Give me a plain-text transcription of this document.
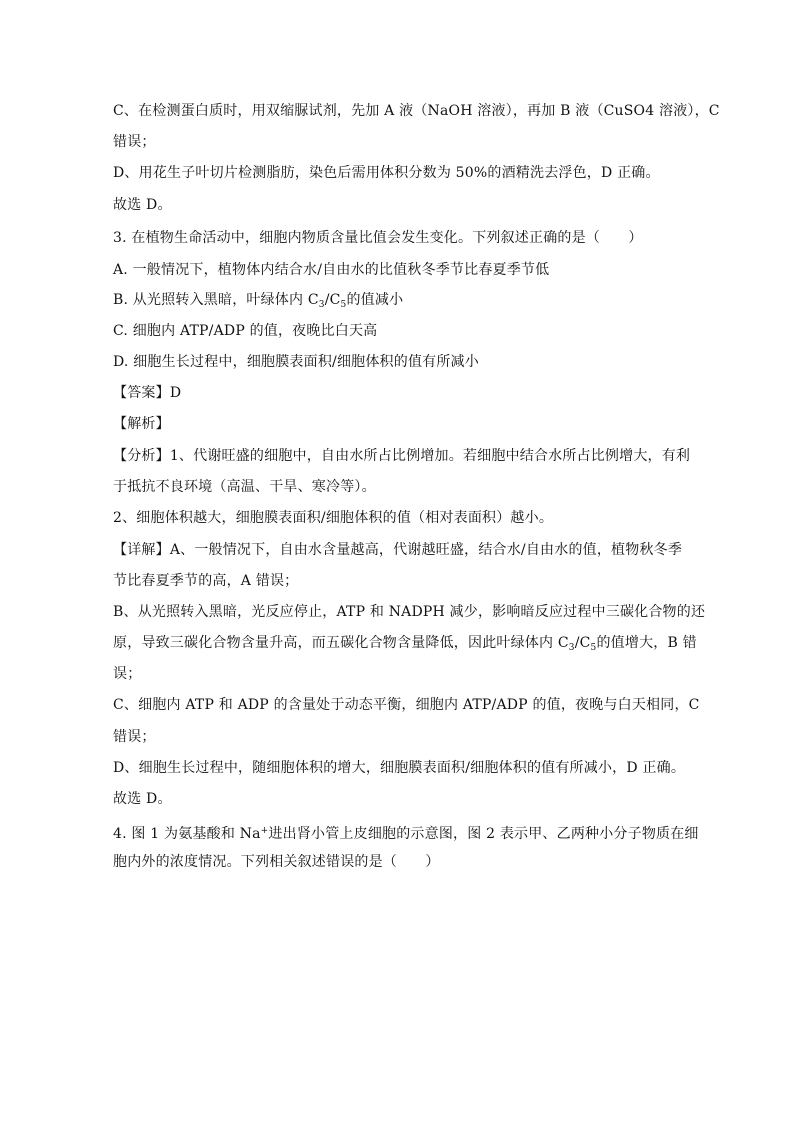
C、在检测蛋白质时，用双缩脲试剂，先加 A 液（NaOH 溶液），再加 B 液（CuSO4 溶液），C
错误；
D、用花生子叶切片检测脂肪，染色后需用体积分数为 50%的酒精洗去浮色，D 正确。
故选 D。
3. 在植物生命活动中，细胞内物质含量比值会发生变化。下列叙述正确的是（　　）
A. 一般情况下，植物体内结合水/自由水的比值秋冬季节比春夏季节低
B. 从光照转入黑暗，叶绿体内 $C_3/C_5$的值减小
C. 细胞内 ATP/ADP 的值，夜晚比白天高
D. 细胞生长过程中，细胞膜表面积/细胞体积的值有所减小
【答案】D
【解析】
【分析】1、代谢旺盛的细胞中，自由水所占比例增加。若细胞中结合水所占比例增大，有利
于抵抗不良环境（高温、干旱、寒冷等）。
2、细胞体积越大，细胞膜表面积/细胞体积的值（相对表面积）越小。
【详解】A、一般情况下，自由水含量越高，代谢越旺盛，结合水/自由水的值，植物秋冬季
节比春夏季节的高，A 错误；
B、从光照转入黑暗，光反应停止，ATP 和 NADPH 减少，影响暗反应过程中三碳化合物的还
原，导致三碳化合物含量升高，而五碳化合物含量降低，因此叶绿体内 $C_3/C_5$的值增大，B 错
误；
C、细胞内 ATP 和 ADP 的含量处于动态平衡，细胞内 ATP/ADP 的值，夜晚与白天相同，C
错误；
D、细胞生长过程中，随细胞体积的增大，细胞膜表面积/细胞体积的值有所减小，D 正确。
故选 D。
4. 图 1 为氨基酸和 Na+进出肾小管上皮细胞的示意图，图 2 表示甲、乙两种小分子物质在细
胞内外的浓度情况。下列相关叙述错误的是（　　）
